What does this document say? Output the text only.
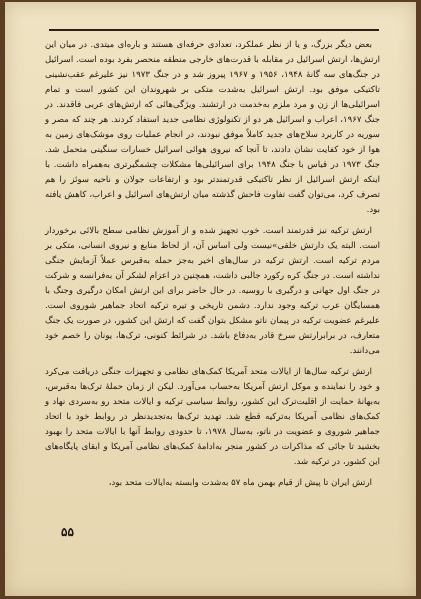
بعض دیگر بزرگ، و یا از نظر عملکرد، تعدادی حرفه‌ای هستند و‌ باره‌ای میتدی. در میان این ارتش‌ها، ارتش اسرائیل در مقابله با قدرت‌های خارجی منطقه منحصر بفرد بوده است. اسرائیل در جنگ‌های سه گانهٔ ۱۹۴۸، ۱۹۵۶ و ۱۹۶۷ پیروز شد و در جنگ ۱۹۷۳ نیز علیرغم عقب‌نشینی تاکتیکی موفق بود. ارتش اسرائیل به‌شدت متکی بر شهروندان این کشور است و تمام اسرائیلی‌ها از زن و مرد ملزم به‌خدمت در ارتشند. ویژگی‌هائی که ارتش‌های عربی فاقدند. در جنگ ۱۹۶۷، اعراب و اسرائیل هر دو از تکنولوژی نظامی جدید استفاد کردند. هر چند که مصر و سوریه در کاربرد سلاح‌های جدید کاملاً موفق نبودند، در انجام عملیات روی موشک‌های زمین به هوا از خود کفایت نشان دادند، تا آنجا که نیروی هوائی اسرائیل خسارات سنگینی متحمل شد. جنگ ۱۹۷۳ در قیاس با جنگ ۱۹۴۸ برای اسرائیلی‌ها مشکلات چشمگیرتری به‌همراه داشت. با اینکه ارتش اسرائیل از نظر تاکتیکی قدرتمندتر بود و ارتفاعات جولان و ناحیه سوئز را هم تصرف کرد، می‌توان گفت تفاوت فاحش گذشته میان ارتش‌های اسرائیل و اعراب، کاهش یافته بود.

ارتش ترکیه نیز قدرتمند است. خوب تجهیز شده و از آموزش نظامی سطح بالائی برخوردار است. البته یک دارتش خلقی»نیست ولی اساس آن، از لحاظ منابع و نیروی انسانی، متکی بر مردم ترکیه است. ارتش ترکیه در سال‌های اخیر به‌جز حمله به‌قبرس عملاً آزمایش جنگی نداشته است. در جنگ کره رکورد جالبی داشت، همچنین در اعزام لشکر آن به‌فرانسه و شرکت در جنگ اول جهانی و درگیری با روسیه. در حال حاضر برای این ارتش امکان درگیری وجنگ با همسایگان عرب ترکیه وجود ندارد. دشمن تاریخی و تیره ترکیه اتحاد جماهیر شوروی است. علیرغم عضویت ترکیه در پیمان ناتو مشکل بتوان گفت که ارتش این کشور، در صورت یک جنگ متعارف، در برابرارتش سرخ قادر به‌دفاع باشد. در شرائط کنونی، ترک‌ها، یونان را خصم خود می‌دانند.

ارتش ترکیه سال‌ها از ایالات متحد آمریکا کمک‌های نظامی و تجهیزات جنگی دریافت می‌کرد و خود را نماینده و موکل ارتش آمریکا به‌حساب می‌آورد. لیکن از زمان حملهٔ ترک‌ها به‌قبرس، به‌بهانهٔ حمایت از اقلیت‌ترک این کشور، روابط سیاسی ترکیه و ایالات متحد رو به‌سردی نهاد و کمک‌های نظامی آمریکا به‌ترکیه قطع شد. تهدید ترک‌ها به‌تجدید‌نظر در روابط خود با اتحاد جماهیر شوروی و عضویت در ناتو، به‌سال ۱۹۷۸، تا حدودی روابط آنها با ایالات متحد را بهبود بخشید تا جائی که مذاکرات در کشور منجر به‌ادامهٔ کمک‌های نظامی آمریکا و ابقای پایگاه‌های این کشور، در ترکیه شد.

ارتش ایران تا پیش از قیام بهمن ماه ۵۷ به‌شدت وابسته به‌ایالات متحد بود،

۵۵
